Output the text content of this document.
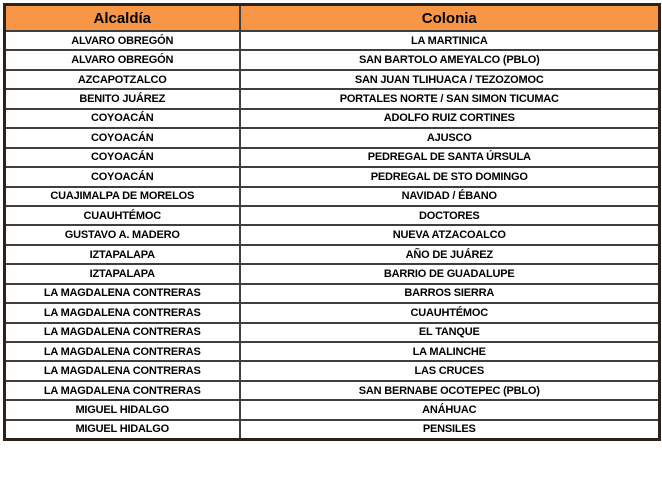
Alcaldía	Colonia
ALVARO OBREGÓN	LA MARTINICA
ALVARO OBREGÓN	SAN BARTOLO AMEYALCO (PBLO)
AZCAPOTZALCO	SAN JUAN TLIHUACA / TEZOZOMOC
BENITO JUÁREZ	PORTALES NORTE / SAN SIMON TICUMAC
COYOACÁN	ADOLFO RUIZ CORTINES
COYOACÁN	AJUSCO
COYOACÁN	PEDREGAL DE SANTA ÚRSULA
COYOACÁN	PEDREGAL DE STO DOMINGO
CUAJIMALPA DE MORELOS	NAVIDAD / ÉBANO
CUAUHTÉMOC	DOCTORES
GUSTAVO A. MADERO	NUEVA ATZACOALCO
IZTAPALAPA	AÑO DE JUÁREZ
IZTAPALAPA	BARRIO DE GUADALUPE
LA MAGDALENA CONTRERAS	BARROS SIERRA
LA MAGDALENA CONTRERAS	CUAUHTÉMOC
LA MAGDALENA CONTRERAS	EL TANQUE
LA MAGDALENA CONTRERAS	LA MALINCHE
LA MAGDALENA CONTRERAS	LAS CRUCES
LA MAGDALENA CONTRERAS	SAN BERNABE OCOTEPEC (PBLO)
MIGUEL HIDALGO	ANÁHUAC
MIGUEL HIDALGO	PENSILES
